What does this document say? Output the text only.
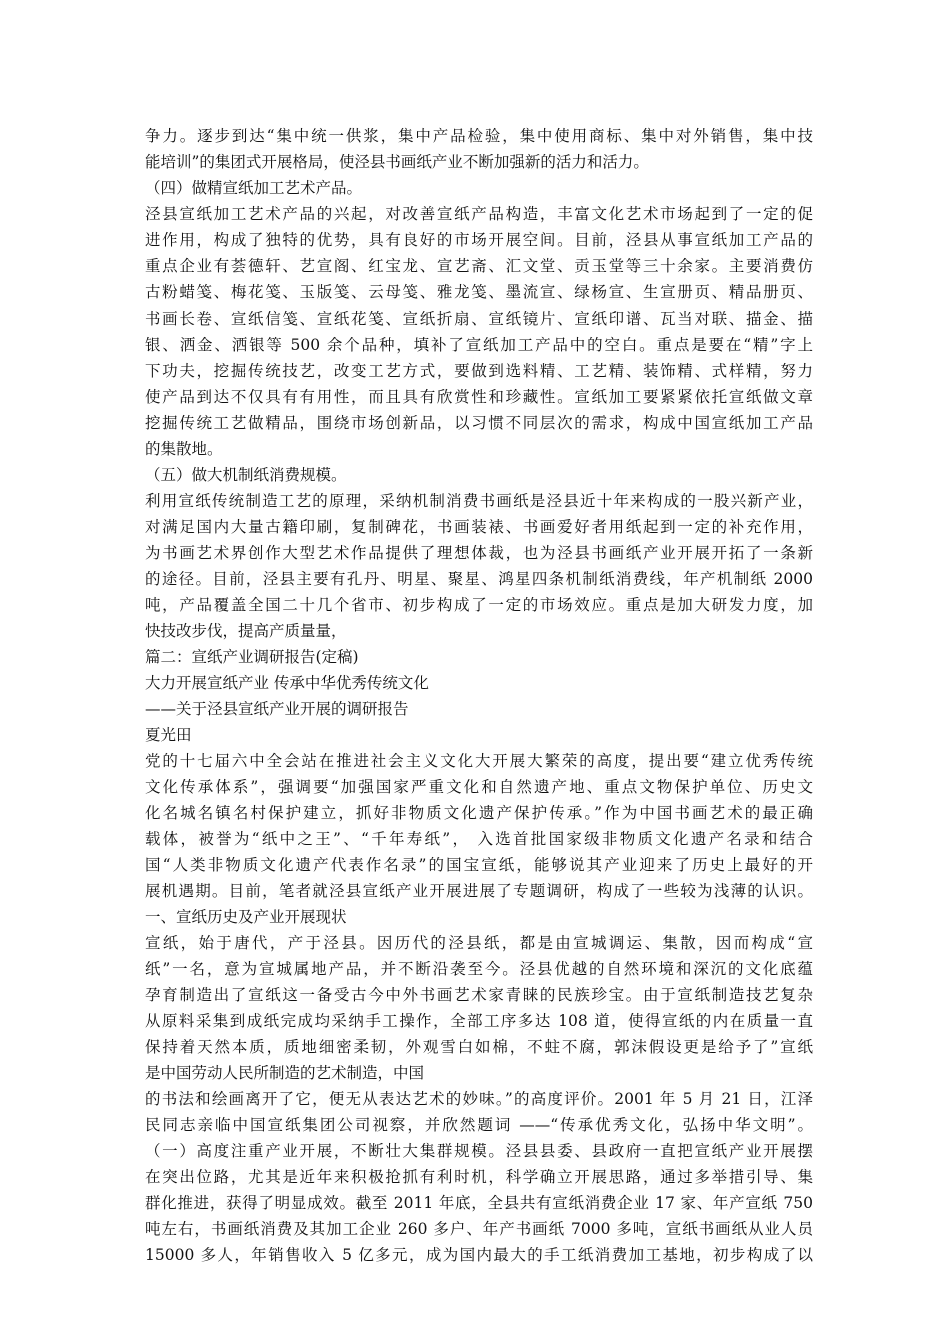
争力。逐步到达“集中统一供浆，集中产品检验，集中使用商标、集中对外销售，集中技
能培训”的集团式开展格局，使泾县书画纸产业不断加强新的活力和活力。
（四）做精宣纸加工艺术产品。
泾县宣纸加工艺术产品的兴起，对改善宣纸产品构造，丰富文化艺术市场起到了一定的促
进作用，构成了独特的优势，具有良好的市场开展空间。目前，泾县从事宣纸加工产品的
重点企业有荟德轩、艺宣阁、红宝龙、宣艺斋、汇文堂、贡玉堂等三十余家。主要消费仿
古粉蜡笺、梅花笺、玉版笺、云母笺、雅龙笺、墨流宣、绿杨宣、生宣册页、精品册页、
书画长卷、宣纸信笺、宣纸花笺、宣纸折扇、宣纸镜片、宣纸印谱、瓦当对联、描金、描
银、洒金、洒银等 500 余个品种，填补了宣纸加工产品中的空白。重点是要在“精”字上
下功夫，挖掘传统技艺，改变工艺方式，要做到选料精、工艺精、装饰精、式样精，努力
使产品到达不仅具有有用性，而且具有欣赏性和珍藏性。宣纸加工要紧紧依托宣纸做文章
挖掘传统工艺做精品，围绕市场创新品，以习惯不同层次的需求，构成中国宣纸加工产品
的集散地。
（五）做大机制纸消费规模。
利用宣纸传统制造工艺的原理，采纳机制消费书画纸是泾县近十年来构成的一股兴新产业，
对满足国内大量古籍印刷，复制碑花，书画装裱、书画爱好者用纸起到一定的补充作用，
为书画艺术界创作大型艺术作品提供了理想体裁，也为泾县书画纸产业开展开拓了一条新
的途径。目前，泾县主要有孔丹、明星、聚星、鸿星四条机制纸消费线，年产机制纸 2000
吨，产品覆盖全国二十几个省市、初步构成了一定的市场效应。重点是加大研发力度，加
快技改步伐，提高产质量量，
篇二：宣纸产业调研报告(定稿)
大力开展宣纸产业 传承中华优秀传统文化
——关于泾县宣纸产业开展的调研报告
夏光田
党的十七届六中全会站在推进社会主义文化大开展大繁荣的高度，提出要“建立优秀传统
文化传承体系”，强调要“加强国家严重文化和自然遗产地、重点文物保护单位、历史文
化名城名镇名村保护建立，抓好非物质文化遗产保护传承。”作为中国书画艺术的最正确
载体，被誉为“纸中之王”、“千年寿纸”， 入选首批国家级非物质文化遗产名录和结合
国“人类非物质文化遗产代表作名录”的国宝宣纸，能够说其产业迎来了历史上最好的开
展机遇期。目前，笔者就泾县宣纸产业开展进展了专题调研，构成了一些较为浅薄的认识。
一、宣纸历史及产业开展现状
宣纸，始于唐代，产于泾县。因历代的泾县纸，都是由宣城调运、集散，因而构成“宣
纸”一名，意为宣城属地产品，并不断沿袭至今。泾县优越的自然环境和深沉的文化底蕴
孕育制造出了宣纸这一备受古今中外书画艺术家青睐的民族珍宝。由于宣纸制造技艺复杂
从原料采集到成纸完成均采纳手工操作，全部工序多达 108 道，使得宣纸的内在质量一直
保持着天然本质，质地细密柔韧，外观雪白如棉，不蛀不腐，郭沫假设更是给予了”宣纸
是中国劳动人民所制造的艺术制造，中国
的书法和绘画离开了它，便无从表达艺术的妙味。”的高度评价。2001 年 5 月 21 日，江泽
民同志亲临中国宣纸集团公司视察，并欣然题词 ——“传承优秀文化，弘扬中华文明”。
（一）高度注重产业开展，不断壮大集群规模。泾县县委、县政府一直把宣纸产业开展摆
在突出位路，尤其是近年来积极抢抓有利时机，科学确立开展思路，通过多举措引导、集
群化推进，获得了明显成效。截至 2011 年底，全县共有宣纸消费企业 17 家、年产宣纸 750
吨左右，书画纸消费及其加工企业 260 多户、年产书画纸 7000 多吨，宣纸书画纸从业人员
15000 多人，年销售收入 5 亿多元，成为国内最大的手工纸消费加工基地，初步构成了以
